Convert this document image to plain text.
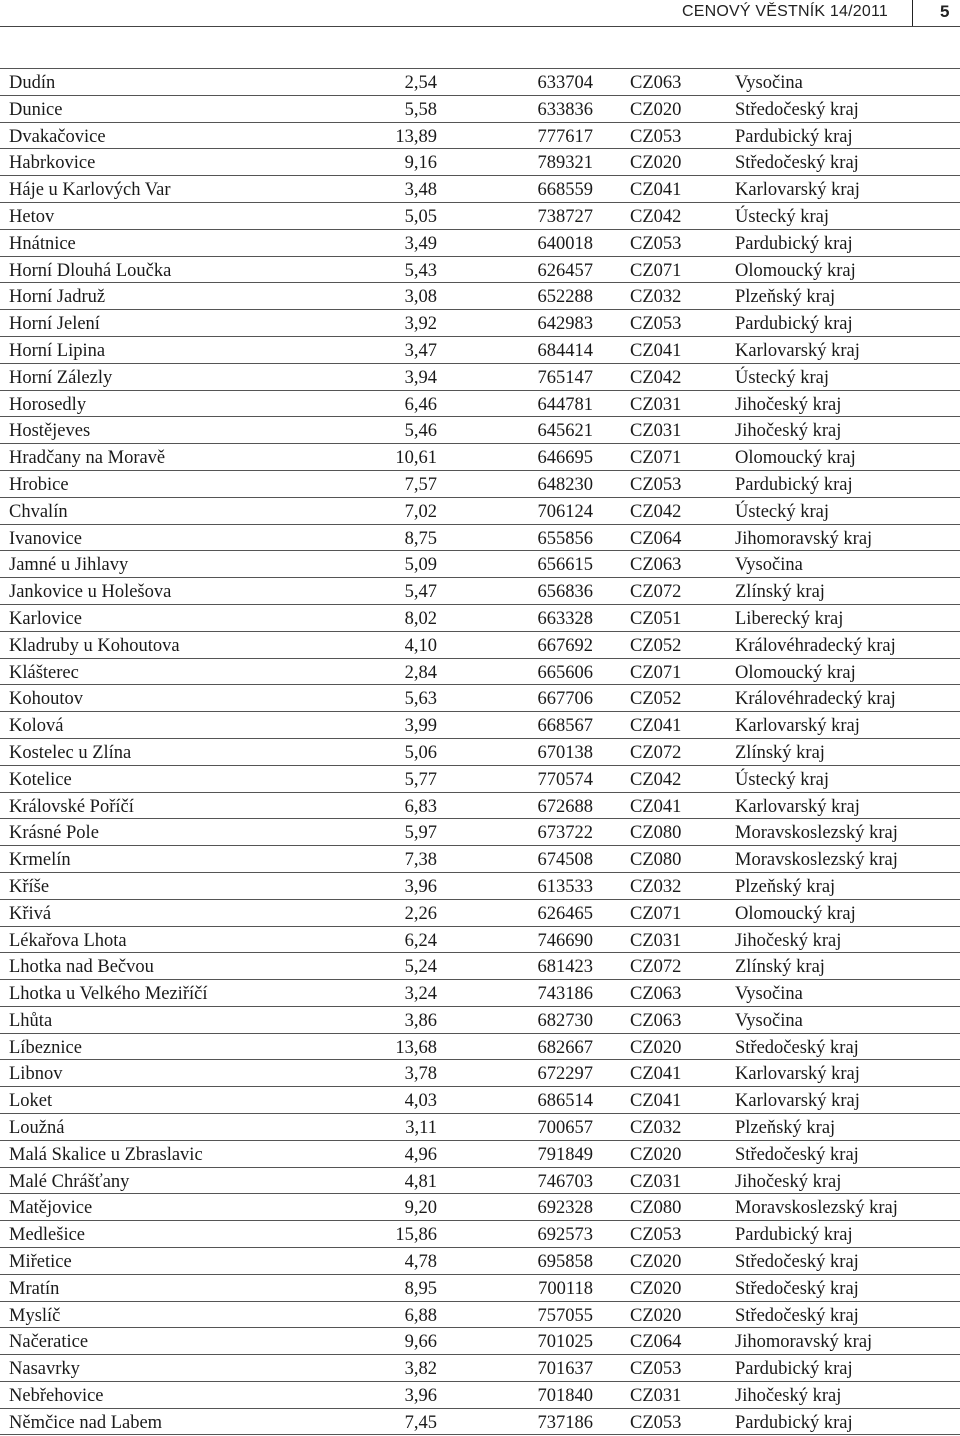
CENOVÝ VĚSTNÍK 14/2011	5
Dudín	2,54	633704 CZ063	Vysočina
Dunice	5,58	633836 CZ020	Středočeský kraj
Dvakačovice	13,89	777617 CZ053	Pardubický kraj
Habrkovice	9,16	789321 CZ020	Středočeský kraj
Háje u Karlových Var	3,48	668559 CZ041	Karlovarský kraj
Hetov	5,05	738727 CZ042	Ústecký kraj
Hnátnice	3,49	640018 CZ053	Pardubický kraj
Horní Dlouhá Loučka	5,43	626457 CZ071	Olomoucký kraj
Horní Jadruž	3,08	652288 CZ032	Plzeňský kraj
Horní Jelení	3,92	642983 CZ053	Pardubický kraj
Horní Lipina	3,47	684414 CZ041	Karlovarský kraj
Horní Zálezly	3,94	765147 CZ042	Ústecký kraj
Horosedly	6,46	644781 CZ031	Jihočeský kraj
Hostějeves	5,46	645621 CZ031	Jihočeský kraj
Hradčany na Moravě	10,61	646695 CZ071	Olomoucký kraj
Hrobice	7,57	648230 CZ053	Pardubický kraj
Chvalín	7,02	706124 CZ042	Ústecký kraj
Ivanovice	8,75	655856 CZ064	Jihomoravský kraj
Jamné u Jihlavy	5,09	656615 CZ063	Vysočina
Jankovice u Holešova	5,47	656836 CZ072	Zlínský kraj
Karlovice	8,02	663328 CZ051	Liberecký kraj
Kladruby u Kohoutova	4,10	667692 CZ052	Královéhradecký kraj
Klášterec	2,84	665606 CZ071	Olomoucký kraj
Kohoutov	5,63	667706 CZ052	Královéhradecký kraj
Kolová	3,99	668567 CZ041	Karlovarský kraj
Kostelec u Zlína	5,06	670138 CZ072	Zlínský kraj
Kotelice	5,77	770574 CZ042	Ústecký kraj
Královské Poříčí	6,83	672688 CZ041	Karlovarský kraj
Krásné Pole	5,97	673722 CZ080	Moravskoslezský kraj
Krmelín	7,38	674508 CZ080	Moravskoslezský kraj
Kříše	3,96	613533 CZ032	Plzeňský kraj
Křivá	2,26	626465 CZ071	Olomoucký kraj
Lékařova Lhota	6,24	746690 CZ031	Jihočeský kraj
Lhotka nad Bečvou	5,24	681423 CZ072	Zlínský kraj
Lhotka u Velkého Meziříčí	3,24	743186 CZ063	Vysočina
Lhůta	3,86	682730 CZ063	Vysočina
Líbeznice	13,68	682667 CZ020	Středočeský kraj
Libnov	3,78	672297 CZ041	Karlovarský kraj
Loket	4,03	686514 CZ041	Karlovarský kraj
Loužná	3,11	700657 CZ032	Plzeňský kraj
Malá Skalice u Zbraslavic	4,96	791849 CZ020	Středočeský kraj
Malé Chrášťany	4,81	746703 CZ031	Jihočeský kraj
Matějovice	9,20	692328 CZ080	Moravskoslezský kraj
Medlešice	15,86	692573 CZ053	Pardubický kraj
Miřetice	4,78	695858 CZ020	Středočeský kraj
Mratín	8,95	700118 CZ020	Středočeský kraj
Myslíč	6,88	757055 CZ020	Středočeský kraj
Načeratice	9,66	701025 CZ064	Jihomoravský kraj
Nasavrky	3,82	701637 CZ053	Pardubický kraj
Nebřehovice	3,96	701840 CZ031	Jihočeský kraj
Němčice nad Labem	7,45	737186 CZ053	Pardubický kraj
